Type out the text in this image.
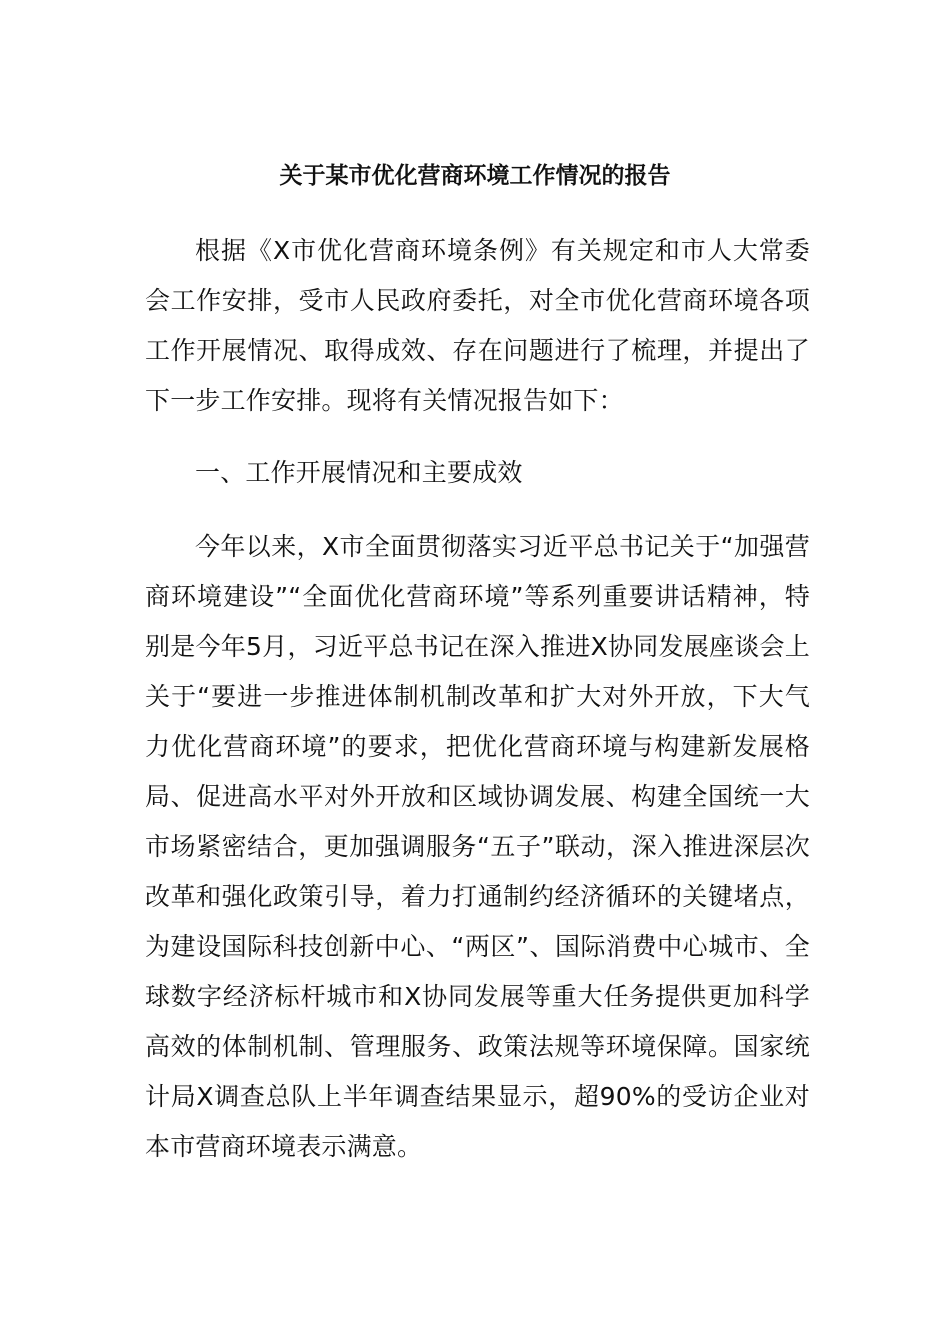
关于某市优化营商环境工作情况的报告

根据《X市优化营商环境条例》有关规定和市人大常委会工作安排，受市人民政府委托，对全市优化营商环境各项工作开展情况、取得成效、存在问题进行了梳理，并提出了下一步工作安排。现将有关情况报告如下：

一、工作开展情况和主要成效

今年以来，X市全面贯彻落实习近平总书记关于“加强营商环境建设”“全面优化营商环境”等系列重要讲话精神，特别是今年5月，习近平总书记在深入推进X协同发展座谈会上关于“要进一步推进体制机制改革和扩大对外开放，下大气力优化营商环境”的要求，把优化营商环境与构建新发展格局、促进高水平对外开放和区域协调发展、构建全国统一大市场紧密结合，更加强调服务“五子”联动，深入推进深层次改革和强化政策引导，着力打通制约经济循环的关键堵点，为建设国际科技创新中心、“两区”、国际消费中心城市、全球数字经济标杆城市和X协同发展等重大任务提供更加科学高效的体制机制、管理服务、政策法规等环境保障。国家统计局X调查总队上半年调查结果显示，超90%的受访企业对本市营商环境表示满意。
